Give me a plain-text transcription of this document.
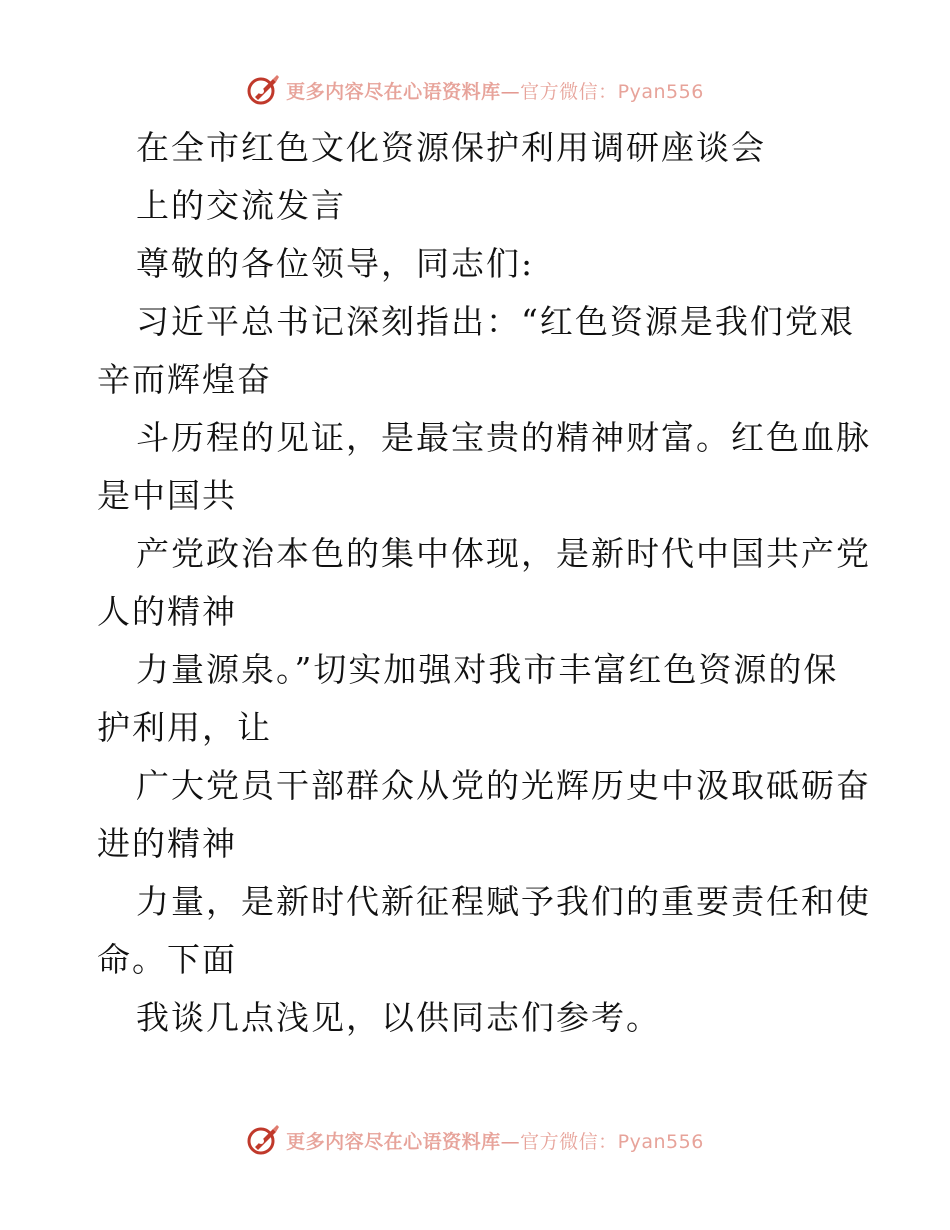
更多内容尽在心语资料库—官方微信：Pyan556
在全市红色文化资源保护利用调研座谈会
上的交流发言
尊敬的各位领导，同志们:
习近平总书记深刻指出：“红色资源是我们党艰
辛而辉煌奋
斗历程的见证，是最宝贵的精神财富。红色血脉
是中国共
产党政治本色的集中体现，是新时代中国共产党
人的精神
力量源泉。”切实加强对我市丰富红色资源的保
护利用，让
广大党员干部群众从党的光辉历史中汲取砥砺奋
进的精神
力量，是新时代新征程赋予我们的重要责任和使
命。下面
我谈几点浅见，以供同志们参考。
更多内容尽在心语资料库—官方微信：Pyan556
